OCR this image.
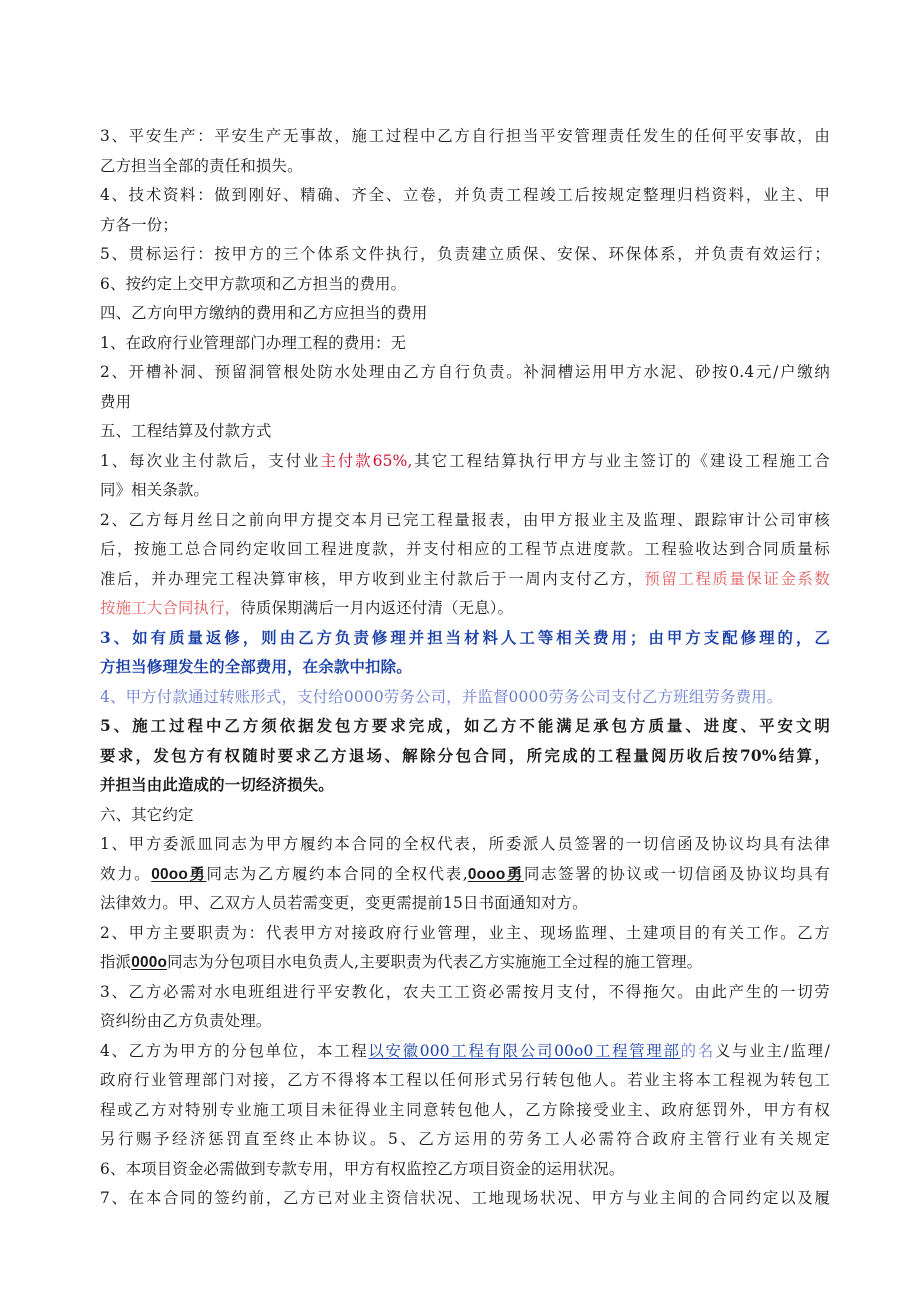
3、平安生产：平安生产无事故，施工过程中乙方自行担当平安管理责任发生的任何平安事故，由
乙方担当全部的责任和损失。
4、技术资料：做到刚好、精确、齐全、立卷，并负责工程竣工后按规定整理归档资料，业主、甲
方各一份；
5、贯标运行：按甲方的三个体系文件执行，负责建立质保、安保、环保体系，并负责有效运行；
6、按约定上交甲方款项和乙方担当的费用。
四、乙方向甲方缴纳的费用和乙方应担当的费用
1、在政府行业管理部门办理工程的费用：无
2、开槽补洞、预留洞管根处防水处理由乙方自行负责。补洞槽运用甲方水泥、砂按0.4元/户缴纳
费用
五、工程结算及付款方式
1、每次业主付款后，支付业主付款65%,其它工程结算执行甲方与业主签订的《建设工程施工合
同》相关条款。
2、乙方每月丝日之前向甲方提交本月已完工程量报表，由甲方报业主及监理、跟踪审计公司审核
后，按施工总合同约定收回工程进度款，并支付相应的工程节点进度款。工程验收达到合同质量标
准后，并办理完工程决算审核，甲方收到业主付款后于一周内支付乙方，预留工程质量保证金系数
按施工大合同执行，待质保期满后一月内返还付清（无息）。
3、如有质量返修，则由乙方负责修理并担当材料人工等相关费用；由甲方支配修理的，乙
方担当修理发生的全部费用，在余款中扣除。
4、甲方付款通过转账形式，支付给0000劳务公司，并监督0000劳务公司支付乙方班组劳务费用。
5、施工过程中乙方须依据发包方要求完成，如乙方不能满足承包方质量、进度、平安文明
要求，发包方有权随时要求乙方退场、解除分包合同，所完成的工程量阅历收后按70%结算，
并担当由此造成的一切经济损失。
六、其它约定
1、甲方委派皿同志为甲方履约本合同的全权代表，所委派人员签署的一切信函及协议均具有法律
效力。00oo勇同志为乙方履约本合同的全权代表,0ooo勇同志签署的协议或一切信函及协议均具有
法律效力。甲、乙双方人员若需变更，变更需提前15日书面通知对方。
2、甲方主要职责为：代表甲方对接政府行业管理，业主、现场监理、土建项目的有关工作。乙方
指派000o同志为分包项目水电负责人,主要职责为代表乙方实施施工全过程的施工管理。
3、乙方必需对水电班组进行平安教化，农夫工工资必需按月支付，不得拖欠。由此产生的一切劳
资纠纷由乙方负责处理。
4、乙方为甲方的分包单位，本工程以安徽000工程有限公司00o0工程管理部的名义与业主/监理/
政府行业管理部门对接，乙方不得将本工程以任何形式另行转包他人。若业主将本工程视为转包工
程或乙方对特别专业施工项目未征得业主同意转包他人，乙方除接受业主、政府惩罚外，甲方有权
另行赐予经济惩罚直至终止本协议。5、乙方运用的劳务工人必需符合政府主管行业有关规定
6、本项目资金必需做到专款专用，甲方有权监控乙方项目资金的运用状况。
7、在本合同的签约前，乙方已对业主资信状况、工地现场状况、甲方与业主间的合同约定以及履
